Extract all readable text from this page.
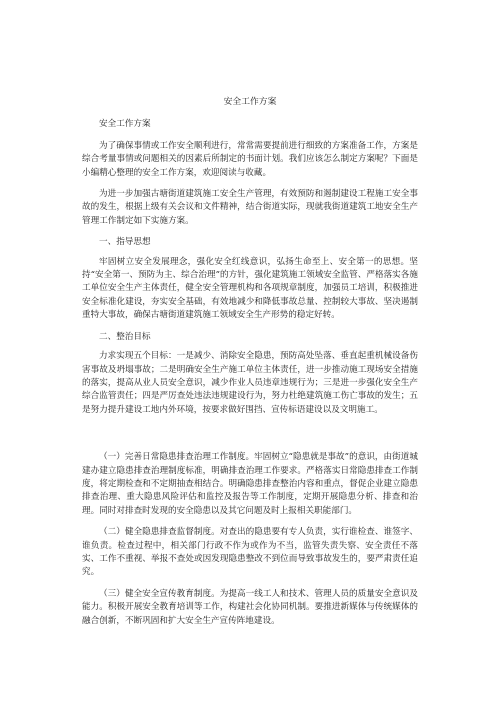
安全工作方案
安全工作方案
为了确保事情或工作安全顺利进行，常常需要提前进行细致的方案准备工作，方案是综合考量事情或问题相关的因素后所制定的书面计划。我们应该怎么制定方案呢？下面是小编精心整理的安全工作方案，欢迎阅读与收藏。
为进一步加强古塘街道建筑施工安全生产管理，有效预防和遏制建设工程施工安全事故的发生，根据上级有关会议和文件精神，结合街道实际，现就我街道建筑工地安全生产管理工作制定如下实施方案。
一、指导思想
牢固树立安全发展理念，强化安全红线意识，弘扬生命至上、安全第一的思想。坚持“安全第一、预防为主、综合治理”的方针，强化建筑施工领域安全监管、严格落实各施工单位安全生产主体责任，健全安全管理机构和各项规章制度，加强员工培训，积极推进安全标准化建设，夯实安全基础，有效地减少和降低事故总量、控制较大事故、坚决遏制重特大事故，确保古塘街道建筑施工领域安全生产形势的稳定好转。
二、整治目标
力求实现五个目标：一是减少、消除安全隐患，预防高处坠落、垂直起重机械设备伤害事故及坍塌事故；二是明确安全生产施工单位主体责任，进一步推动施工现场安全措施的落实，提高从业人员安全意识，减少作业人员违章违规行为；三是进一步强化安全生产综合监管责任；四是严厉查处违法违规建设行为，努力杜绝建筑施工伤亡事故的发生；五是努力提升建设工地内外环境，按要求做好围挡、宣传标语建设以及文明施工。
（一）完善日常隐患排查治理工作制度。牢固树立“隐患就是事故”的意识，由街道城建办建立隐患排查治理制度标准，明确排查治理工作要求。严格落实日常隐患排查工作制度，将定期检查和不定期抽查相结合。明确隐患排查整治内容和重点，督促企业建立隐患排查治理、重大隐患风险评估和监控及报告等工作制度，定期开展隐患分析、排查和治理。同时对排查时发现的安全隐患以及其它问题及时上报相关职能部门。
（二）健全隐患排查监督制度。对查出的隐患要有专人负责，实行谁检查、谁签字、谁负责。检查过程中，相关部门行政不作为或作为不当，监管失责失察、安全责任不落实、工作不重视、举报不查处或因发现隐患整改不到位而导致事故发生的，要严肃责任追究。
（三）健全安全宣传教育制度。为提高一线工人和技术、管理人员的质量安全意识及能力。积极开展安全教育培训等工作，构建社会化协同机制。要推进新媒体与传统媒体的融合创新，不断巩固和扩大安全生产宣传阵地建设。
